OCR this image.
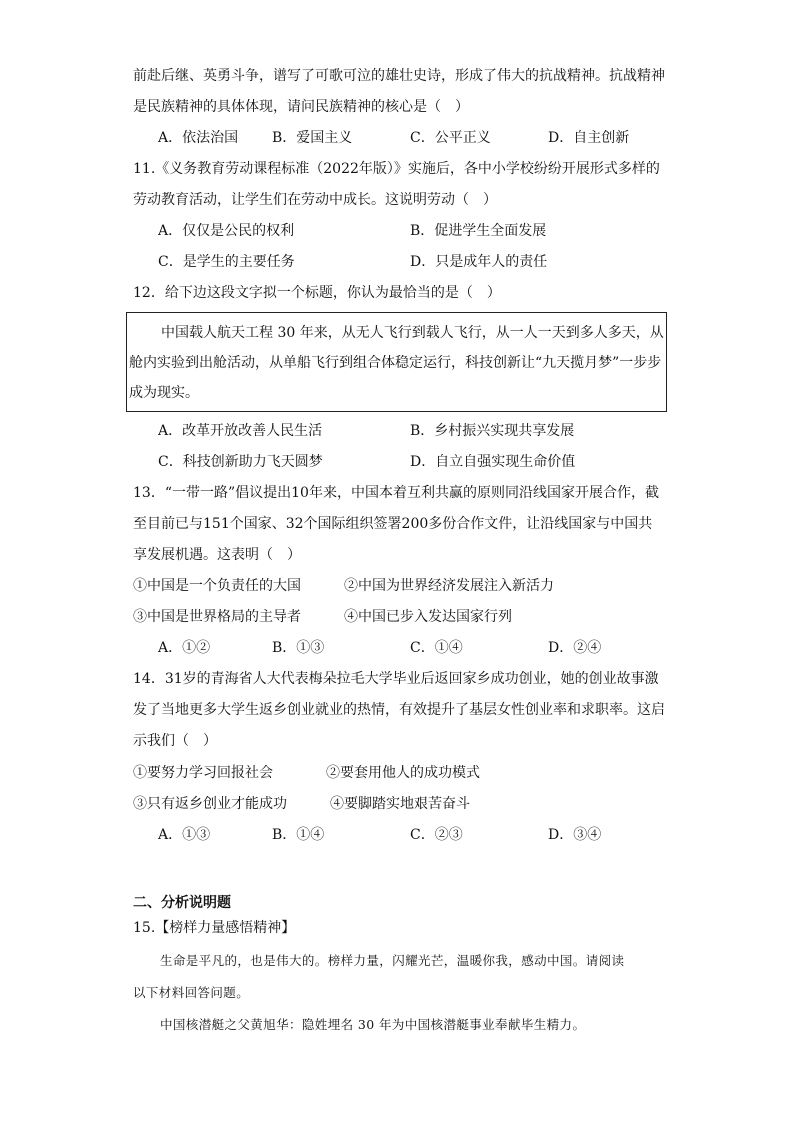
前赴后继、英勇斗争，谱写了可歌可泣的雄壮史诗，形成了伟大的抗战精神。抗战精神
是民族精神的具体体现，请问民族精神的核心是（　）
A．依法治国 B．爱国主义	C．公平正义	D．自主创新
11.《义务教育劳动课程标准（2022年版）》实施后，各中小学校纷纷开展形式多样的
劳动教育活动，让学生们在劳动中成长。这说明劳动（　）
A．仅仅是公民的权利	B．促进学生全面发展
C．是学生的主要任务	D．只是成年人的责任
12．给下边这段文字拟一个标题，你认为最恰当的是（　）
中国载人航天工程 30 年来，从无人飞行到载人飞行，从一人一天到多人多天，从
舱内实验到出舱活动，从单船飞行到组合体稳定运行，科技创新让“九天揽月梦”一步步
成为现实。
A．改革开放改善人民生活	B．乡村振兴实现共享发展
C．科技创新助力飞天圆梦	D．自立自强实现生命价值
13．“一带一路”倡议提出10年来，中国本着互利共赢的原则同沿线国家开展合作，截
至目前已与151个国家、32个国际组织签署200多份合作文件，让沿线国家与中国共
享发展机遇。这表明（　）
①中国是一个负责任的大国	②中国为世界经济发展注入新活力
③中国是世界格局的主导者	④中国已步入发达国家行列
A．①②	B．①③	C．①④	D．②④
14．31岁的青海省人大代表梅朵拉毛大学毕业后返回家乡成功创业，她的创业故事激
发了当地更多大学生返乡创业就业的热情，有效提升了基层女性创业率和求职率。这启
示我们（　）
①要努力学习回报社会	②要套用他人的成功模式
③只有返乡创业才能成功	④要脚踏实地艰苦奋斗
A．①③	B．①④	C．②③	D．③④
二、分析说明题
15.【榜样力量感悟精神】
生命是平凡的，也是伟大的。榜样力量，闪耀光芒，温暖你我，感动中国。请阅读
以下材料回答问题。
中国核潜艇之父黄旭华：隐姓埋名 30 年为中国核潜艇事业奉献毕生精力。
